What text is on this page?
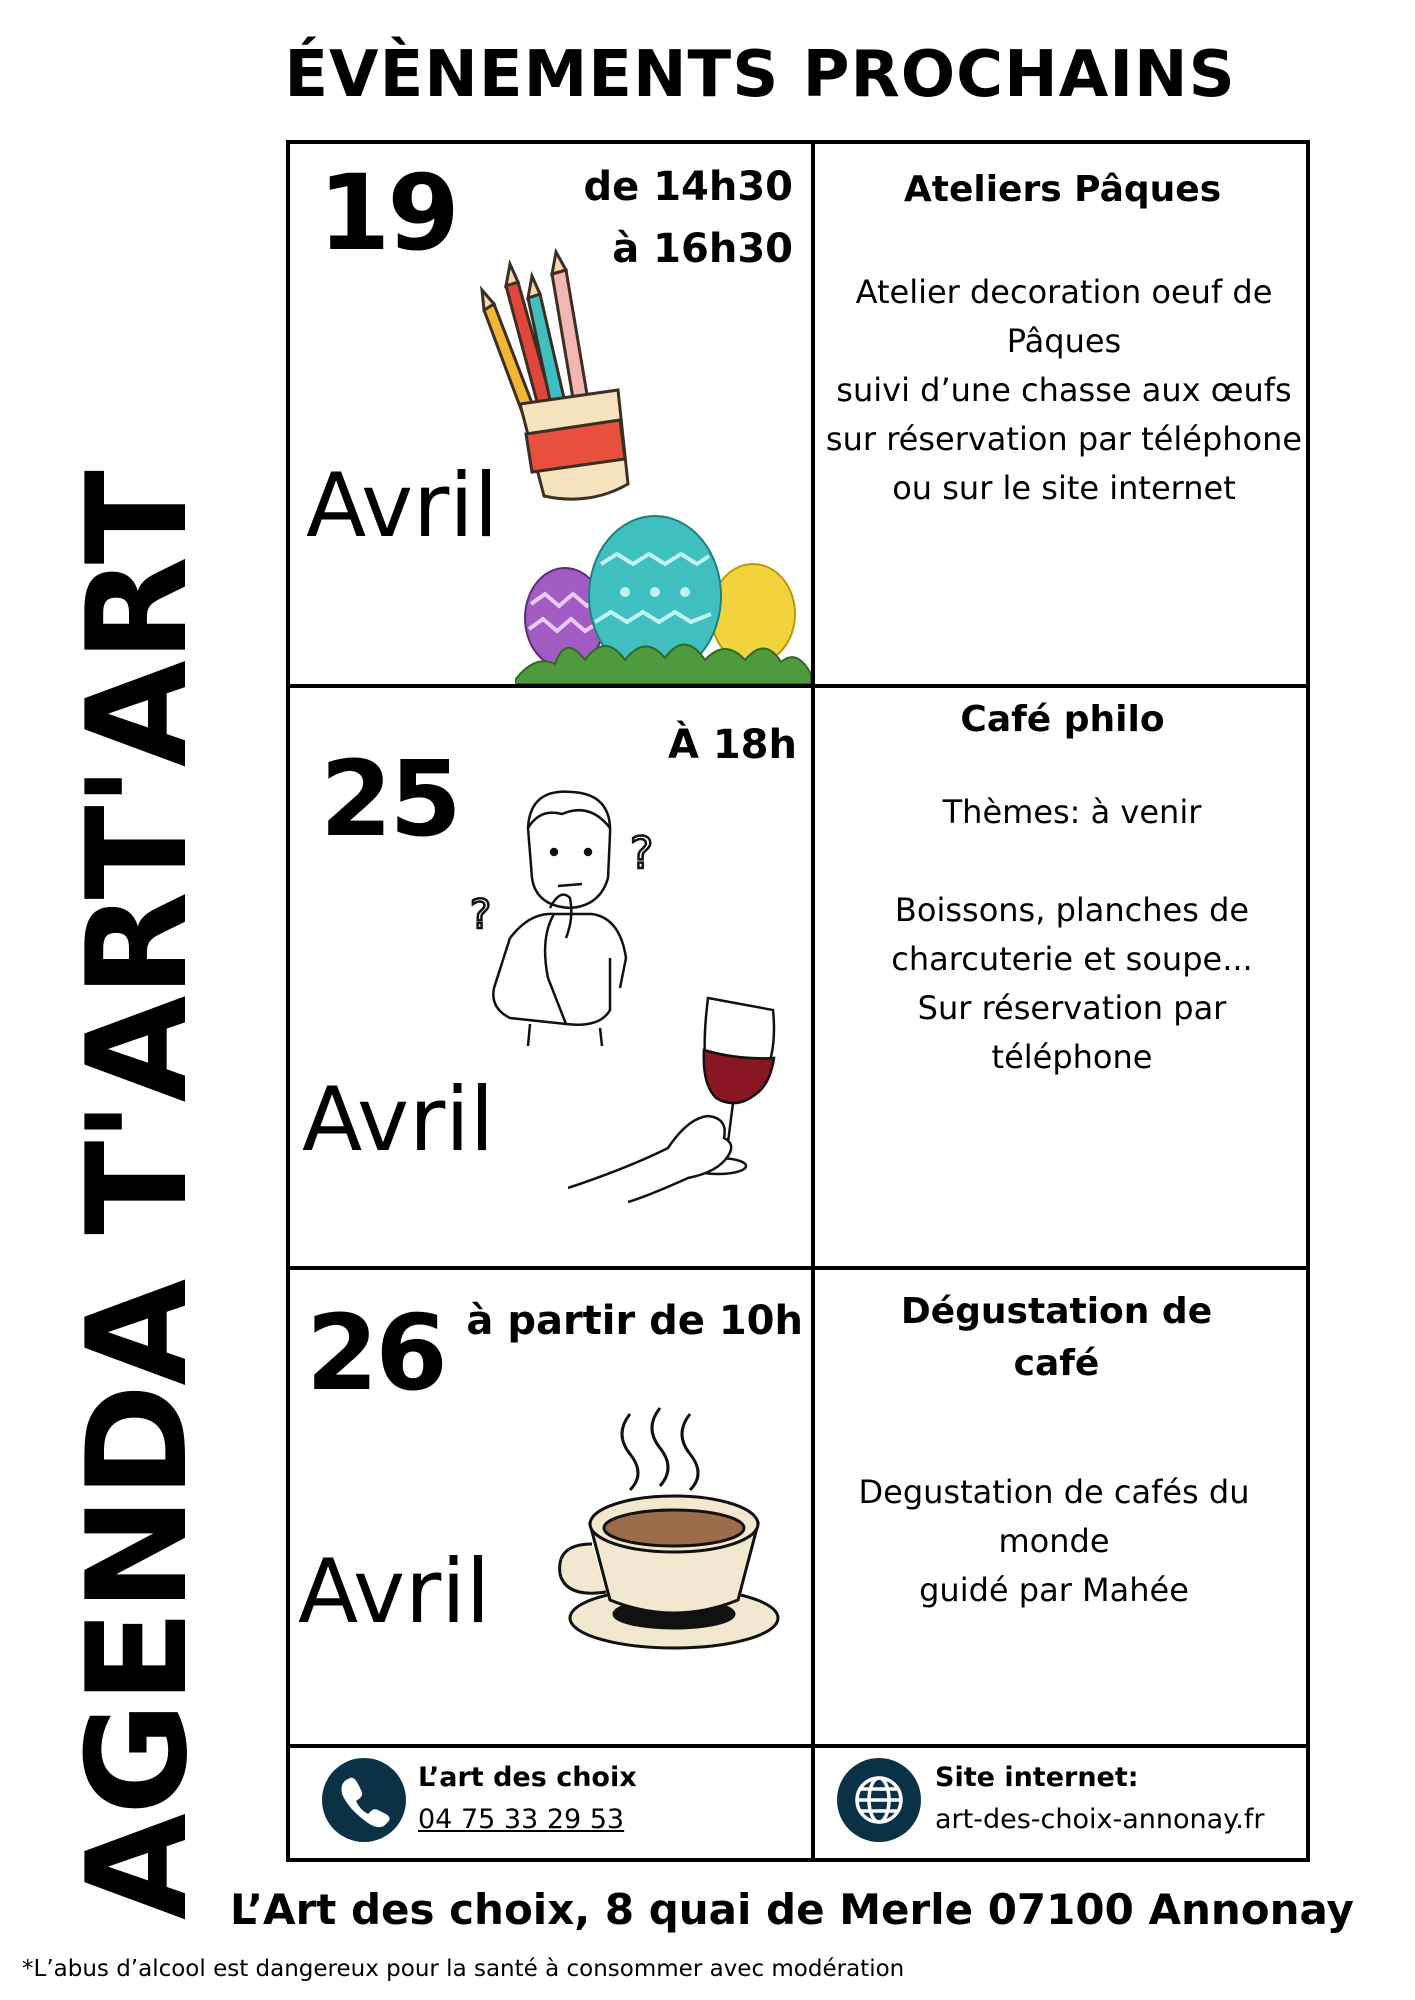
AGENDA T'ART'ART
ÉVÈNEMENTS PROCHAINS
19	de 14h30
à 16h30
Avril
Ateliers Pâques
Atelier decoration oeuf de Pâques
suivi d’une chasse aux œufs
sur réservation par téléphone ou sur le site internet
25	À 18h
Avril
?
?
Café philo
Thèmes: à venir

Boissons, planches de charcuterie et soupe...
Sur réservation par téléphone
26 à partir de 10h
Avril
Dégustation de café
Degustation de cafés du monde
guidé par Mahée
L’art des choix
04 75 33 29 53
Site internet:
art-des-choix-annonay.fr
L’Art des choix, 8 quai de Merle 07100 Annonay
*L’abus d’alcool est dangereux pour la santé à consommer avec modération
